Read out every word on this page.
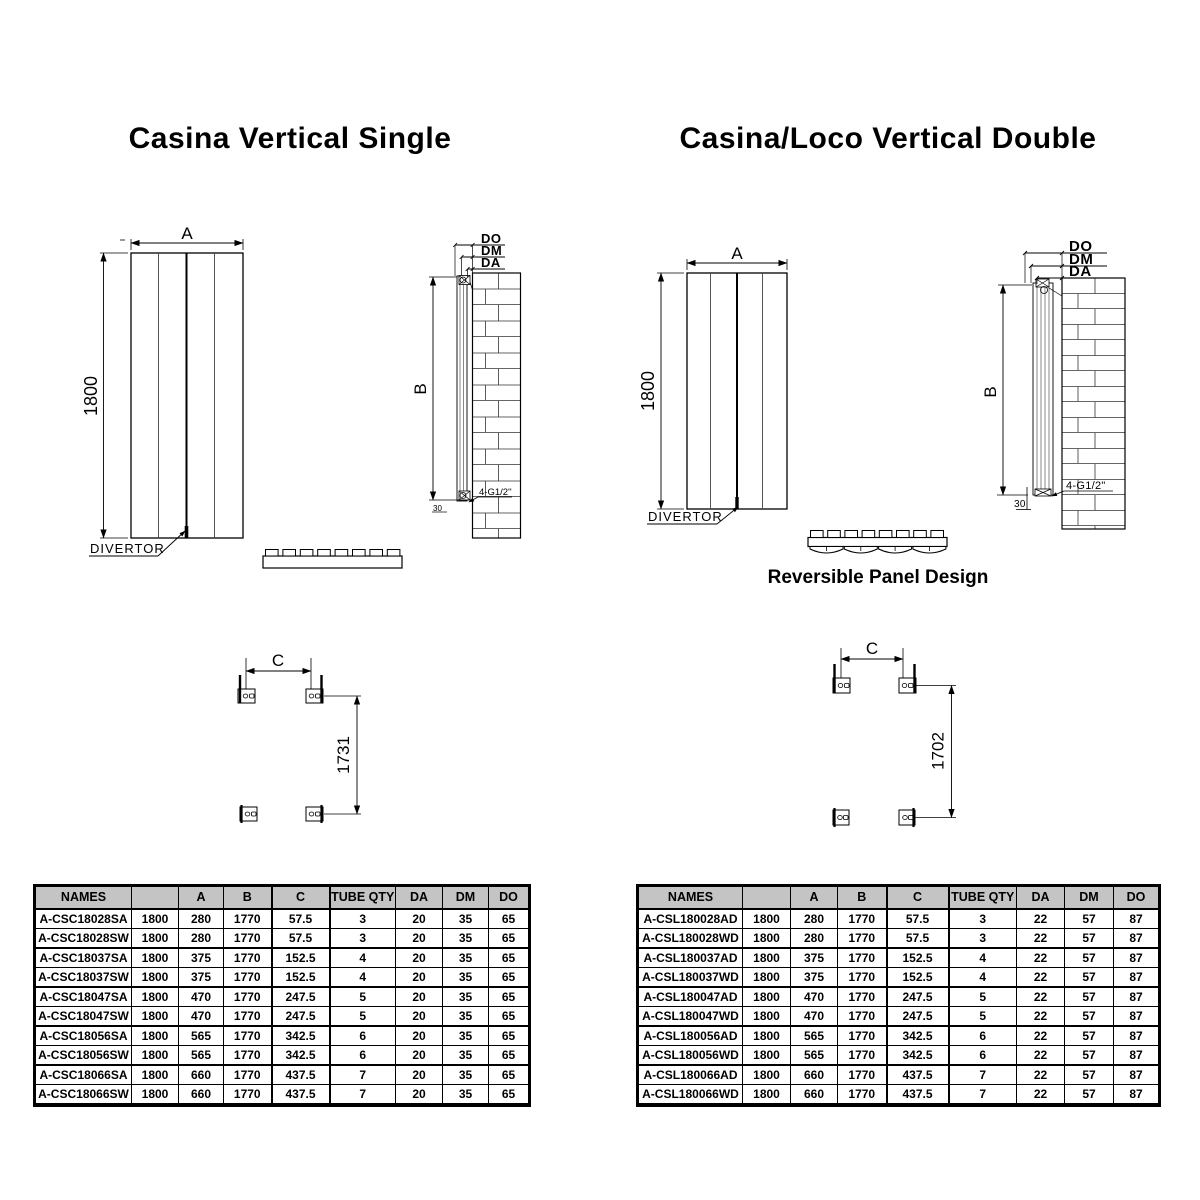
Casina Vertical Single	Casina/Loco Vertical Double
A
1800
DIVERTOR
B
DO
DM
DA
4-G1/2''
30
C
1731
A
1800
DIVERTOR
Reversible Panel Design
B
DO
DM
DA
4-G1/2"
30
C
1702
NAMES		A	B	C	TUBE QTY	DA	DM	DO
A-CSC18028SA	1800	280	1770	57.5	3	20	35	65
A-CSC18028SW	1800	280	1770	57.5	3	20	35	65
A-CSC18037SA	1800	375	1770	152.5	4	20	35	65
A-CSC18037SW	1800	375	1770	152.5	4	20	35	65
A-CSC18047SA	1800	470	1770	247.5	5	20	35	65
A-CSC18047SW	1800	470	1770	247.5	5	20	35	65
A-CSC18056SA	1800	565	1770	342.5	6	20	35	65
A-CSC18056SW	1800	565	1770	342.5	6	20	35	65
A-CSC18066SA	1800	660	1770	437.5	7	20	35	65
A-CSC18066SW	1800	660	1770	437.5	7	20	35	65
NAMES		A	B	C	TUBE QTY	DA	DM	DO
A-CSL180028AD	1800	280	1770	57.5	3	22	57	87
A-CSL180028WD	1800	280	1770	57.5	3	22	57	87
A-CSL180037AD	1800	375	1770	152.5	4	22	57	87
A-CSL180037WD	1800	375	1770	152.5	4	22	57	87
A-CSL180047AD	1800	470	1770	247.5	5	22	57	87
A-CSL180047WD	1800	470	1770	247.5	5	22	57	87
A-CSL180056AD	1800	565	1770	342.5	6	22	57	87
A-CSL180056WD	1800	565	1770	342.5	6	22	57	87
A-CSL180066AD	1800	660	1770	437.5	7	22	57	87
A-CSL180066WD	1800	660	1770	437.5	7	22	57	87
